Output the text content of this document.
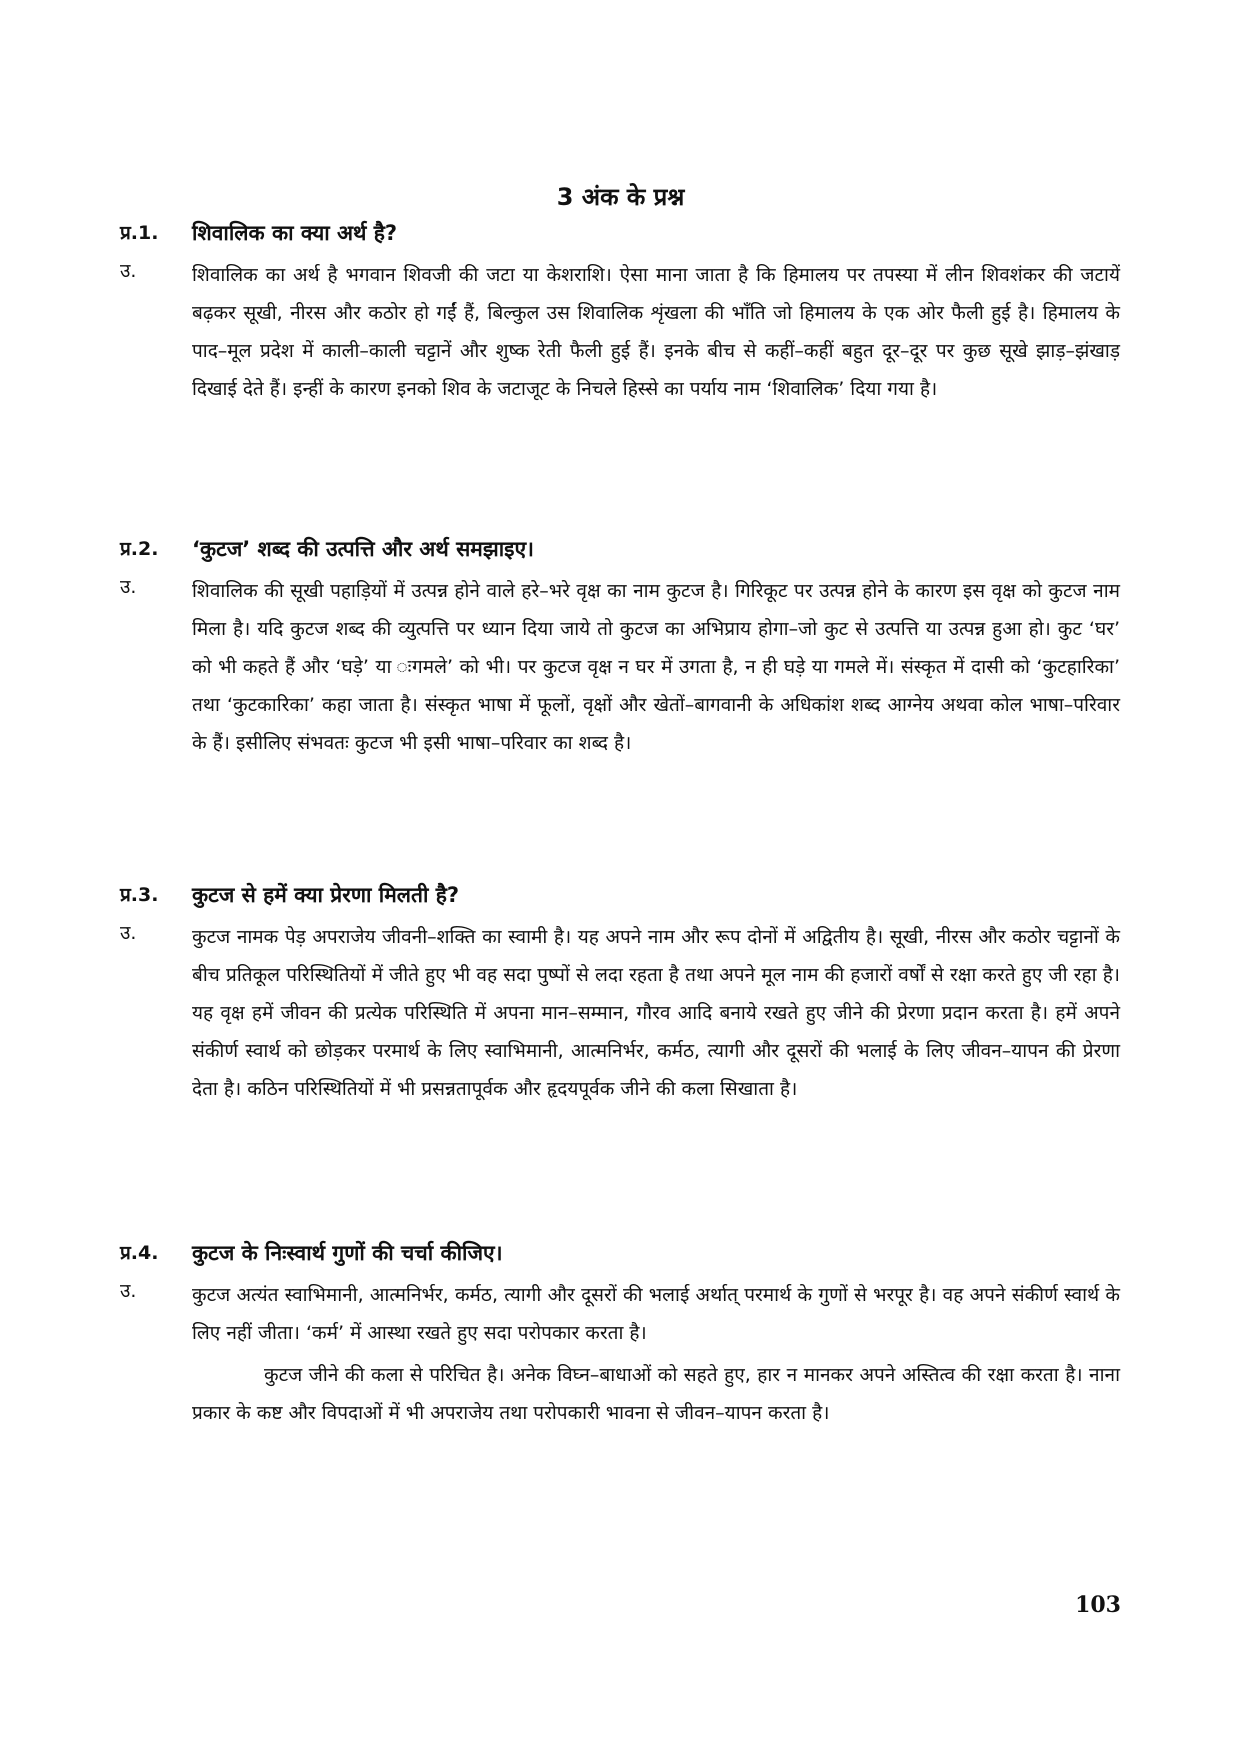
3 अंक के प्रश्न
प्र.1.	शिवालिक का क्या अर्थ है?
उ.	शिवालिक का अर्थ है भगवान शिवजी की जटा या केशराशि। ऐसा माना जाता है कि हिमालय पर तपस्या में लीन शिवशंकर की जटायें बढ़कर सूखी, नीरस और कठोर हो गईं हैं, बिल्कुल उस शिवालिक शृंखला की भाँति जो हिमालय के एक ओर फैली हुई है। हिमालय के पाद–मूल प्रदेश में काली–काली चट्टानें और शुष्क रेती फैली हुई हैं। इनके बीच से कहीं–कहीं बहुत दूर–दूर पर कुछ सूखे झाड़–झंखाड़ दिखाई देते हैं। इन्हीं के कारण इनको शिव के जटाजूट के निचले हिस्से का पर्याय नाम ‘शिवालिक’ दिया गया है।

प्र.2.	‘कुटज’ शब्द की उत्पत्ति और अर्थ समझाइए।
उ.	शिवालिक की सूखी पहाड़ियों में उत्पन्न होने वाले हरे–भरे वृक्ष का नाम कुटज है। गिरिकूट पर उत्पन्न होने के कारण इस वृक्ष को कुटज नाम मिला है। यदि कुटज शब्द की व्युत्पत्ति पर ध्यान दिया जाये तो कुटज का अभिप्राय होगा–जो कुट से उत्पत्ति या उत्पन्न हुआ हो। कुट ‘घर’ को भी कहते हैं और ‘घड़े’ या ःगमले’ को भी। पर कुटज वृक्ष न घर में उगता है, न ही घड़े या गमले में। संस्कृत में दासी को ‘कुटहारिका’ तथा ‘कुटकारिका’ कहा जाता है। संस्कृत भाषा में फूलों, वृक्षों और खेतों–बागवानी के अधिकांश शब्द आग्नेय अथवा कोल भाषा–परिवार के हैं। इसीलिए संभवतः कुटज भी इसी भाषा–परिवार का शब्द है।

प्र.3.	कुटज से हमें क्या प्रेरणा मिलती है?
उ.	कुटज नामक पेड़ अपराजेय जीवनी–शक्ति का स्वामी है। यह अपने नाम और रूप दोनों में अद्वितीय है। सूखी, नीरस और कठोर चट्टानों के बीच प्रतिकूल परिस्थितियों में जीते हुए भी वह सदा पुष्पों से लदा रहता है तथा अपने मूल नाम की हजारों वर्षों से रक्षा करते हुए जी रहा है। यह वृक्ष हमें जीवन की प्रत्येक परिस्थिति में अपना मान–सम्मान, गौरव आदि बनाये रखते हुए जीने की प्रेरणा प्रदान करता है। हमें अपने संकीर्ण स्वार्थ को छोड़कर परमार्थ के लिए स्वाभिमानी, आत्मनिर्भर, कर्मठ, त्यागी और दूसरों की भलाई के लिए जीवन–यापन की प्रेरणा देता है। कठिन परिस्थितियों में भी प्रसन्नतापूर्वक और हृदयपूर्वक जीने की कला सिखाता है।

प्र.4.	कुटज के निःस्वार्थ गुणों की चर्चा कीजिए।
उ.	कुटज अत्यंत स्वाभिमानी, आत्मनिर्भर, कर्मठ, त्यागी और दूसरों की भलाई अर्थात् परमार्थ के गुणों से भरपूर है। वह अपने संकीर्ण स्वार्थ के लिए नहीं जीता। ‘कर्म’ में आस्था रखते हुए सदा परोपकार करता है।

कुटज जीने की कला से परिचित है। अनेक विघ्न–बाधाओं को सहते हुए, हार न मानकर अपने अस्तित्व की रक्षा करता है। नाना प्रकार के कष्ट और विपदाओं में भी अपराजेय तथा परोपकारी भावना से जीवन–यापन करता है।

103
